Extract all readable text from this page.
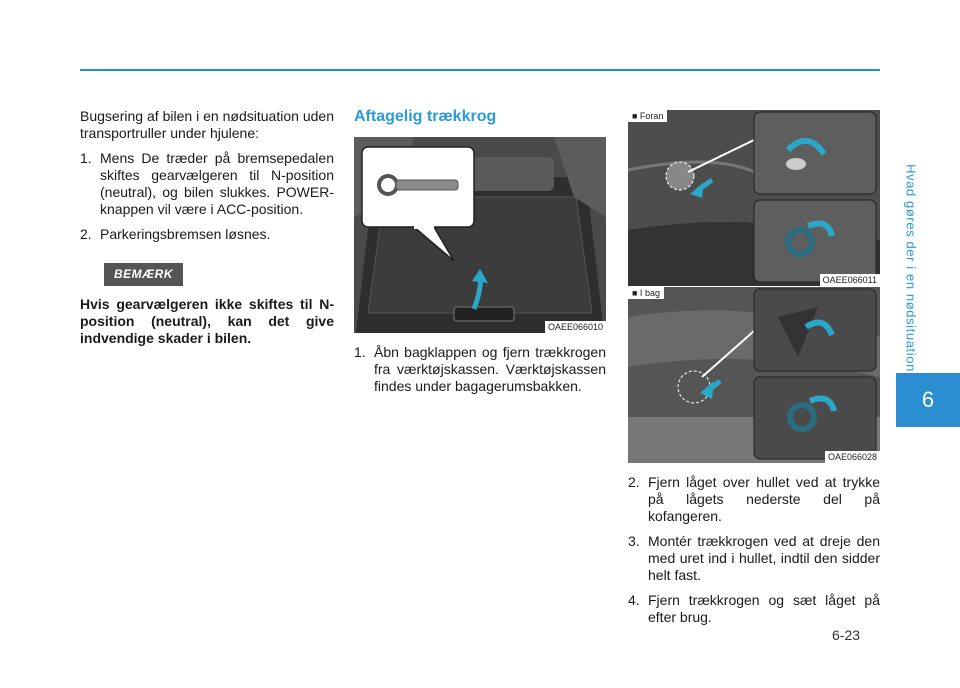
Hvad gøres der i en nødsituation
6
6-23

Bugsering af bilen i en nødsituation uden transportruller under hjulene:

1. Mens De træder på bremsepedalen skiftes gearvælgeren til N-position (neutral), og bilen slukkes. POWER-knappen vil være i ACC-position.
2. Parkeringsbremsen løsnes.
BEMÆRK

Hvis gearvælgeren ikke skiftes til N-position (neutral), kan det give indvendige skader i bilen.

Aftagelig trækkrog
OAEE066010
1. Åbn bagklappen og fjern trækkrogen fra værktøjskassen. Værktøjskassen findes under bagagerumsbakken.
■ Foran
OAEE066011
■ I bag
OAE066028
2. Fjern låget over hullet ved at trykke på lågets nederste del på kofangeren.
3. Montér trækkrogen ved at dreje den med uret ind i hullet, indtil den sidder helt fast.
4. Fjern trækkrogen og sæt låget på efter brug.
